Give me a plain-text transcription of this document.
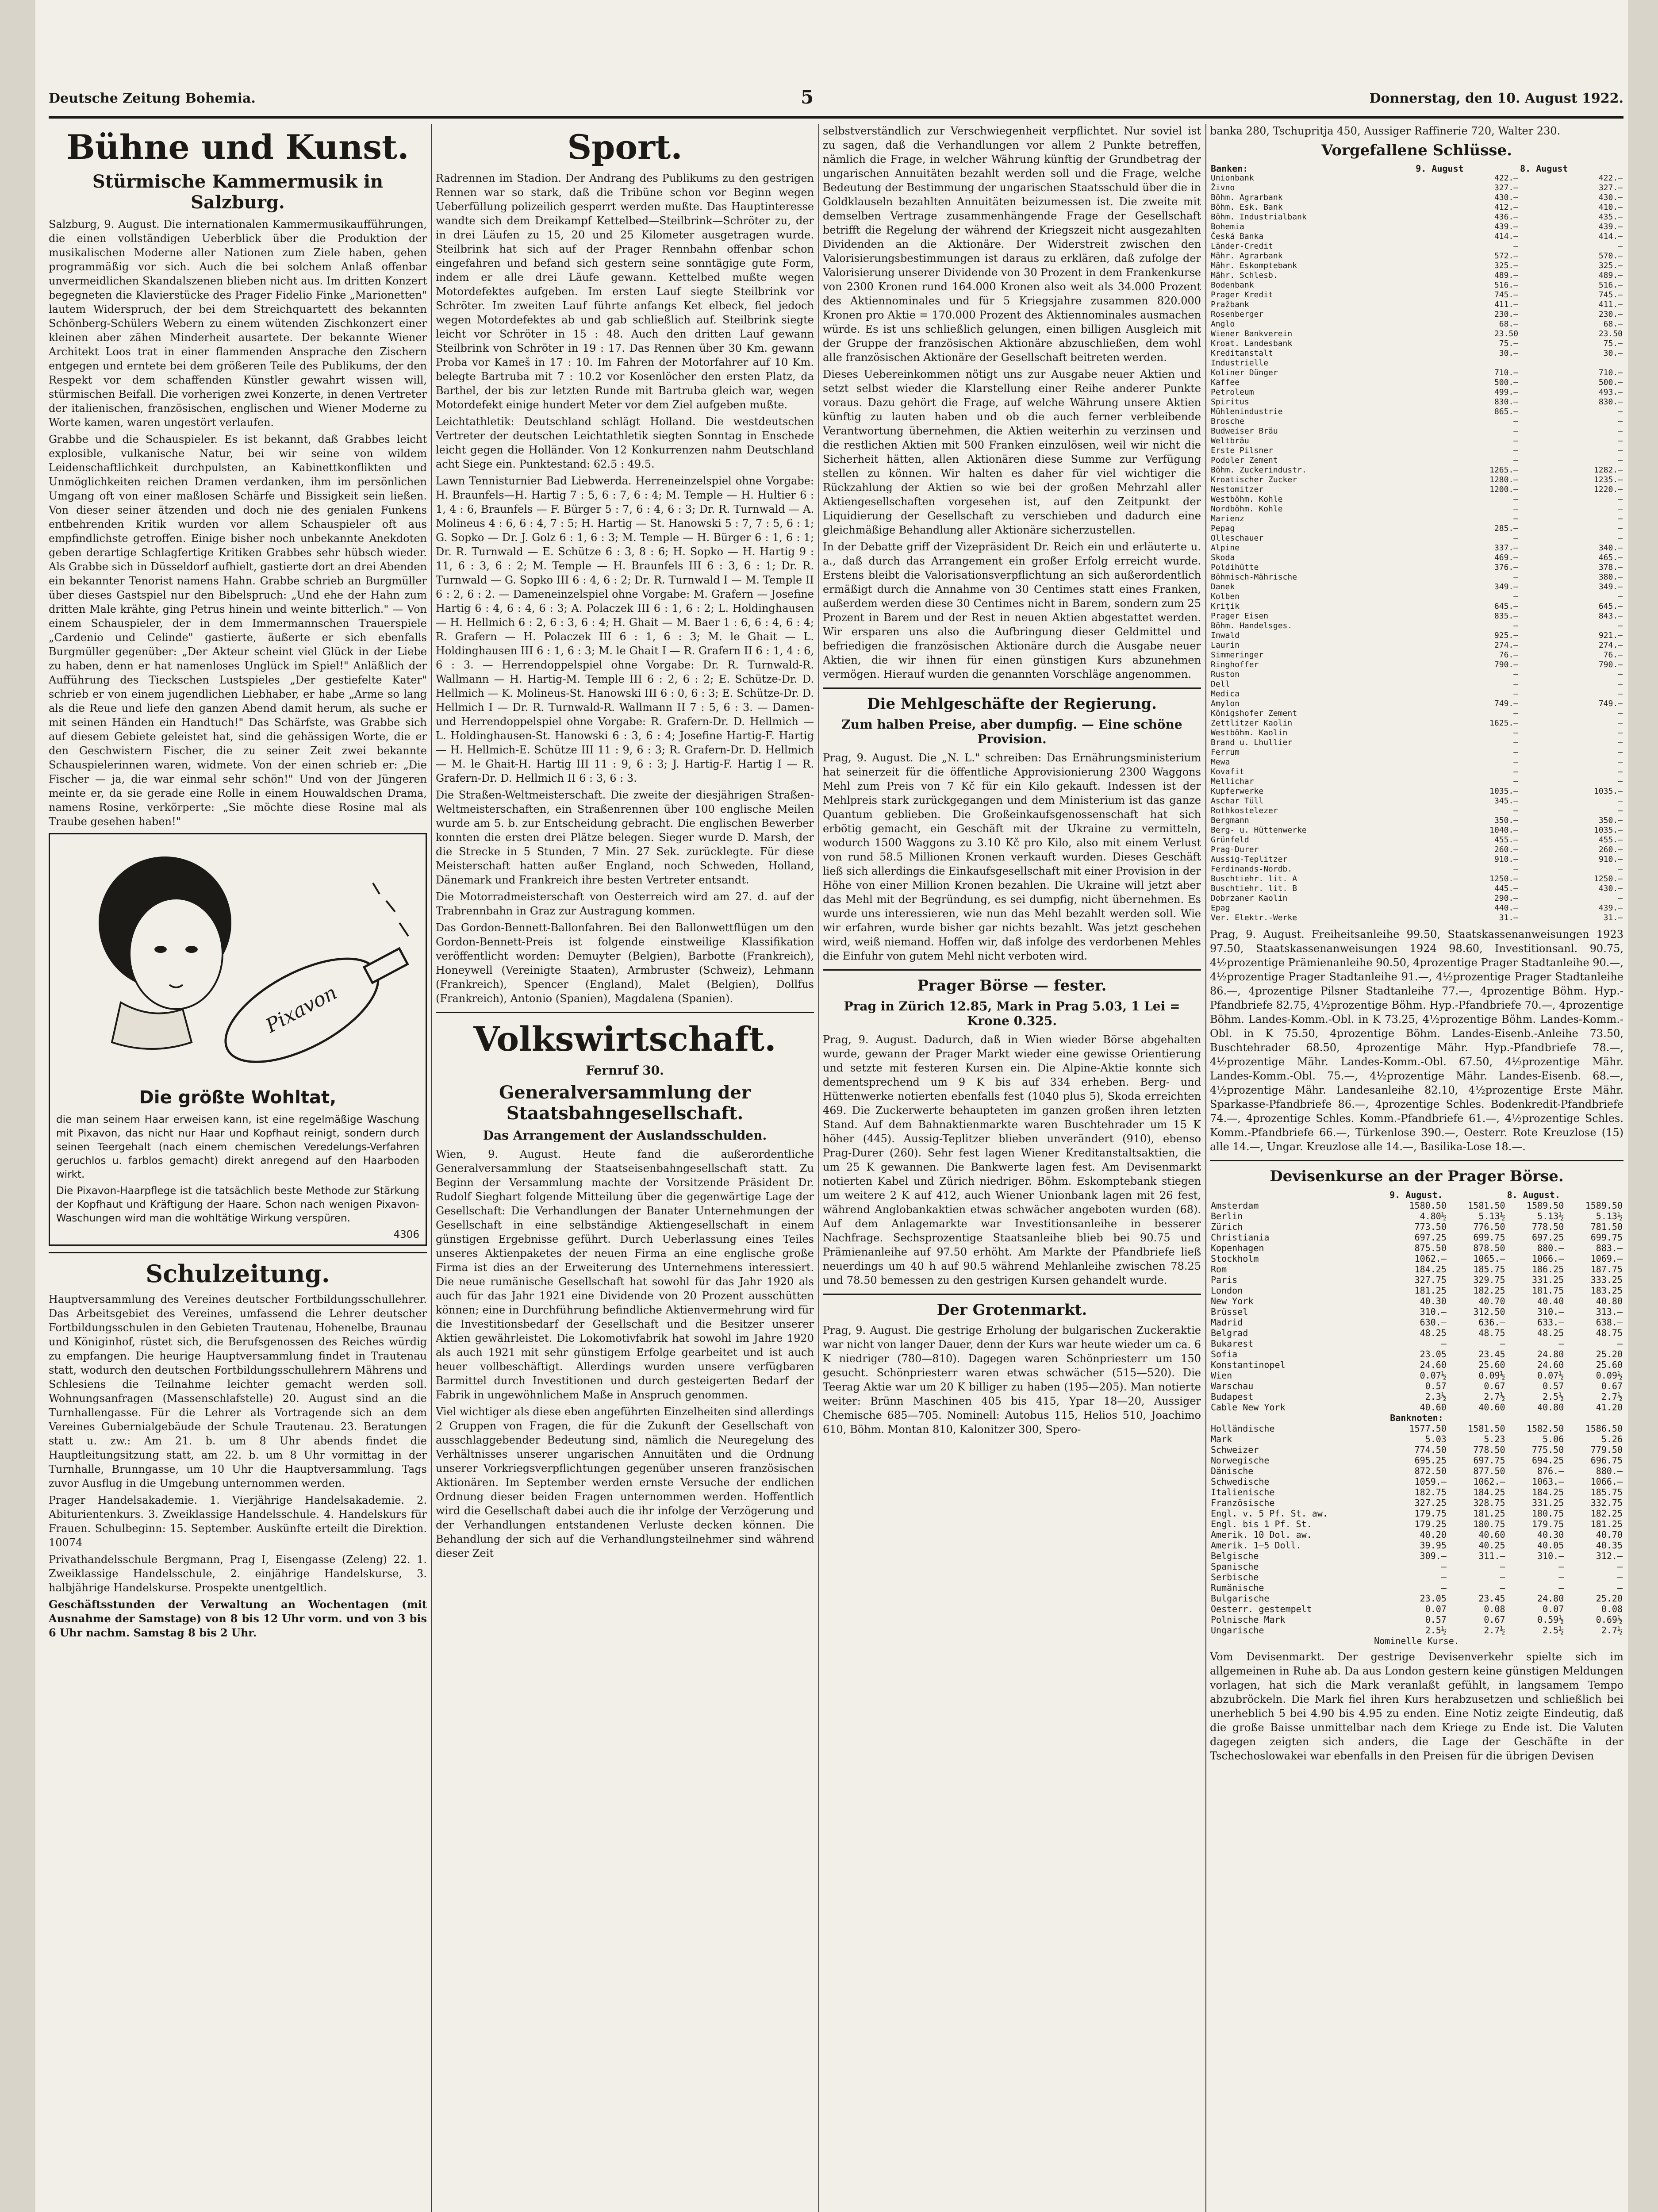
Deutsche Zeitung Bohemia.	5	Donnerstag, den 10. August 1922.
Bühne und Kunst.
Stürmische Kammermusik in Salzburg.

Salzburg, 9. August. Die internationalen Kammermusikaufführungen, die einen vollständigen Ueberblick über die Produktion der musikalischen Moderne aller Nationen zum Ziele haben, gehen programmäßig vor sich. Auch die bei solchem Anlaß offenbar unvermeidlichen Skandalszenen blieben nicht aus. Im dritten Konzert begegneten die Klavierstücke des Prager Fidelio Finke „Marionetten" lautem Widerspruch, der bei dem Streichquartett des bekannten Schönberg-Schülers Webern zu einem wütenden Zischkonzert einer kleinen aber zähen Minderheit ausartete. Der bekannte Wiener Architekt Loos trat in einer flammenden Ansprache den Zischern entgegen und erntete bei dem größeren Teile des Publikums, der den Respekt vor dem schaffenden Künstler gewahrt wissen will, stürmischen Beifall. Die vorherigen zwei Konzerte, in denen Vertreter der italienischen, französischen, englischen und Wiener Moderne zu Worte kamen, waren ungestört verlaufen.

Grabbe und die Schauspieler. Es ist bekannt, daß Grabbes leicht explosible, vulkanische Natur, bei wir seine von wildem Leidenschaftlichkeit durchpulsten, an Kabinettkonflikten und Unmöglichkeiten reichen Dramen verdanken, ihm im persönlichen Umgang oft von einer maßlosen Schärfe und Bissigkeit sein ließen. Von dieser seiner ätzenden und doch nie des genialen Funkens entbehrenden Kritik wurden vor allem Schauspieler oft aus empfindlichste getroffen. Einige bisher noch unbekannte Anekdoten geben derartige Schlagfertige Kritiken Grabbes sehr hübsch wieder. Als Grabbe sich in Düsseldorf aufhielt, gastierte dort an drei Abenden ein bekannter Tenorist namens Hahn. Grabbe schrieb an Burgmüller über dieses Gastspiel nur den Bibelspruch: „Und ehe der Hahn zum dritten Male krähte, ging Petrus hinein und weinte bitterlich." — Von einem Schauspieler, der in dem Immermannschen Trauerspiele „Cardenio und Celinde" gastierte, äußerte er sich ebenfalls Burgmüller gegenüber: „Der Akteur scheint viel Glück in der Liebe zu haben, denn er hat namenloses Unglück im Spiel!" Anläßlich der Aufführung des Tieckschen Lustspieles „Der gestiefelte Kater" schrieb er von einem jugendlichen Liebhaber, er habe „Arme so lang als die Reue und liefe den ganzen Abend damit herum, als suche er mit seinen Händen ein Handtuch!" Das Schärfste, was Grabbe sich auf diesem Gebiete geleistet hat, sind die gehässigen Worte, die er den Geschwistern Fischer, die zu seiner Zeit zwei bekannte Schauspielerinnen waren, widmete. Von der einen schrieb er: „Die Fischer — ja, die war einmal sehr schön!" Und von der Jüngeren meinte er, da sie gerade eine Rolle in einem Houwaldschen Drama, namens Rosine, verkörperte: „Sie möchte diese Rosine mal als Traube gesehen haben!"

Pixavon
Die größte Wohltat,

die man seinem Haar erweisen kann, ist eine regelmäßige Waschung mit Pixavon, das nicht nur Haar und Kopfhaut reinigt, sondern durch seinen Teergehalt (nach einem chemischen Veredelungs-Verfahren geruchlos u. farblos gemacht) direkt anregend auf den Haarboden wirkt.

Die Pixavon-Haarpflege ist die tatsächlich beste Methode zur Stärkung der Kopfhaut und Kräftigung der Haare. Schon nach wenigen Pixavon-Waschungen wird man die wohltätige Wirkung verspüren.

4306

Schulzeitung.

Hauptversammlung des Vereines deutscher Fortbildungsschullehrer. Das Arbeitsgebiet des Vereines, umfassend die Lehrer deutscher Fortbildungsschulen in den Gebieten Trautenau, Hohenelbe, Braunau und Königinhof, rüstet sich, die Berufsgenossen des Reiches würdig zu empfangen. Die heurige Hauptversammlung findet in Trautenau statt, wodurch den deutschen Fortbildungsschullehrern Mährens und Schlesiens die Teilnahme leichter gemacht werden soll. Wohnungsanfragen (Massenschlafstelle) 20. August sind an die Turnhallengasse. Für die Lehrer als Vortragende sich an dem Vereines Gubernialgebäude der Schule Trautenau. 23. Beratungen statt u. zw.: Am 21. b. um 8 Uhr abends findet die Hauptleitungsitzung statt, am 22. b. um 8 Uhr vormittag in der Turnhalle, Brunngasse, um 10 Uhr die Hauptversammlung. Tags zuvor Ausflug in die Umgebung unternommen werden.

Prager Handelsakademie. 1. Vierjährige Handelsakademie. 2. Abiturientenkurs. 3. Zweiklassige Handelsschule. 4. Handelskurs für Frauen. Schulbeginn: 15. September. Auskünfte erteilt die Direktion. 10074

Privathandelsschule Bergmann, Prag I, Eisengasse (Zeleng) 22. 1. Zweiklassige Handelsschule, 2. einjährige Handelskurse, 3. halbjährige Handelskurse. Prospekte unentgeltlich.

Geschäftsstunden der Verwaltung an Wochentagen (mit Ausnahme der Samstage) von 8 bis 12 Uhr vorm. und von 3 bis 6 Uhr nachm. Samstag 8 bis 2 Uhr.

Sport.

Radrennen im Stadion. Der Andrang des Publikums zu den gestrigen Rennen war so stark, daß die Tribüne schon vor Beginn wegen Ueberfüllung polizeilich gesperrt werden mußte. Das Hauptinteresse wandte sich dem Dreikampf Kettelbed—Steilbrink—Schröter zu, der in drei Läufen zu 15, 20 und 25 Kilometer ausgetragen wurde. Steilbrink hat sich auf der Prager Rennbahn offenbar schon eingefahren und befand sich gestern seine sonntägige gute Form, indem er alle drei Läufe gewann. Kettelbed mußte wegen Motordefektes aufgeben. Im ersten Lauf siegte Steilbrink vor Schröter. Im zweiten Lauf führte anfangs Ket elbeck, fiel jedoch wegen Motordefektes ab und gab schließlich auf. Steilbrink siegte leicht vor Schröter in 15 : 48. Auch den dritten Lauf gewann Steilbrink von Schröter in 19 : 17. Das Rennen über 30 Km. gewann Proba vor Kameš in 17 : 10. Im Fahren der Motorfahrer auf 10 Km. belegte Bartruba mit 7 : 10.2 vor Kosenlöcher den ersten Platz, da Barthel, der bis zur letzten Runde mit Bartruba gleich war, wegen Motordefekt einige hundert Meter vor dem Ziel aufgeben mußte.

Leichtathletik: Deutschland schlägt Holland. Die westdeutschen Vertreter der deutschen Leichtathletik siegten Sonntag in Enschede leicht gegen die Holländer. Von 12 Konkurrenzen nahm Deutschland acht Siege ein. Punktestand: 62.5 : 49.5.

Lawn Tennisturnier Bad Liebwerda. Herreneinzelspiel ohne Vorgabe: H. Braunfels—H. Hartig 7 : 5, 6 : 7, 6 : 4; M. Temple — H. Hultier 6 : 1, 4 : 6, Braunfels — F. Bürger 5 : 7, 6 : 4, 6 : 3; Dr. R. Turnwald — A. Molineus 4 : 6, 6 : 4, 7 : 5; H. Hartig — St. Hanowski 5 : 7, 7 : 5, 6 : 1; G. Sopko — Dr. J. Golz 6 : 1, 6 : 3; M. Temple — H. Bürger 6 : 1, 6 : 1; Dr. R. Turnwald — E. Schütze 6 : 3, 8 : 6; H. Sopko — H. Hartig 9 : 11, 6 : 3, 6 : 2; M. Temple — H. Braunfels III 6 : 3, 6 : 1; Dr. R. Turnwald — G. Sopko III 6 : 4, 6 : 2; Dr. R. Turnwald I — M. Temple II 6 : 2, 6 : 2. — Dameneinzelspiel ohne Vorgabe: M. Grafern — Josefine Hartig 6 : 4, 6 : 4, 6 : 3; A. Polaczek III 6 : 1, 6 : 2; L. Holdinghausen — H. Hellmich 6 : 2, 6 : 3, 6 : 4; H. Ghait — M. Baer 1 : 6, 6 : 4, 6 : 4; R. Grafern — H. Polaczek III 6 : 1, 6 : 3; M. le Ghait — L. Holdinghausen III 6 : 1, 6 : 3; M. le Ghait I — R. Grafern II 6 : 1, 4 : 6, 6 : 3. — Herrendoppelspiel ohne Vorgabe: Dr. R. Turnwald-R. Wallmann — H. Hartig-M. Temple III 6 : 2, 6 : 2; E. Schütze-Dr. D. Hellmich — K. Molineus-St. Hanowski III 6 : 0, 6 : 3; E. Schütze-Dr. D. Hellmich I — Dr. R. Turnwald-R. Wallmann II 7 : 5, 6 : 3. — Damen- und Herrendoppelspiel ohne Vorgabe: R. Grafern-Dr. D. Hellmich — L. Holdinghausen-St. Hanowski 6 : 3, 6 : 4; Josefine Hartig-F. Hartig — H. Hellmich-E. Schütze III 11 : 9, 6 : 3; R. Grafern-Dr. D. Hellmich — M. le Ghait-H. Hartig III 11 : 9, 6 : 3; J. Hartig-F. Hartig I — R. Grafern-Dr. D. Hellmich II 6 : 3, 6 : 3.

Die Straßen-Weltmeisterschaft. Die zweite der diesjährigen Straßen-Weltmeisterschaften, ein Straßenrennen über 100 englische Meilen wurde am 5. b. zur Entscheidung gebracht. Die englischen Bewerber konnten die ersten drei Plätze belegen. Sieger wurde D. Marsh, der die Strecke in 5 Stunden, 7 Min. 27 Sek. zurücklegte. Für diese Meisterschaft hatten außer England, noch Schweden, Holland, Dänemark und Frankreich ihre besten Vertreter entsandt.

Die Motorradmeisterschaft von Oesterreich wird am 27. d. auf der Trabrennbahn in Graz zur Austragung kommen.

Das Gordon-Bennett-Ballonfahren. Bei den Ballonwettflügen um den Gordon-Bennett-Preis ist folgende einstweilige Klassifikation veröffentlicht worden: Demuyter (Belgien), Barbotte (Frankreich), Honeywell (Vereinigte Staaten), Armbruster (Schweiz), Lehmann (Frankreich), Spencer (England), Malet (Belgien), Dollfus (Frankreich), Antonio (Spanien), Magdalena (Spanien).

Volkswirtschaft.
Fernruf 30.
Generalversammlung der Staatsbahngesellschaft.
Das Arrangement der Auslandsschulden.

Wien, 9. August. Heute fand die außerordentliche Generalversammlung der Staatseisenbahngesellschaft statt. Zu Beginn der Versammlung machte der Vorsitzende Präsident Dr. Rudolf Sieghart folgende Mitteilung über die gegenwärtige Lage der Gesellschaft: Die Verhandlungen der Banater Unternehmungen der Gesellschaft in eine selbständige Aktiengesellschaft in einem günstigen Ergebnisse geführt. Durch Ueberlassung eines Teiles unseres Aktienpaketes der neuen Firma an eine englische große Firma ist dies an der Erweiterung des Unternehmens interessiert. Die neue rumänische Gesellschaft hat sowohl für das Jahr 1920 als auch für das Jahr 1921 eine Dividende von 20 Prozent ausschütten können; eine in Durchführung befindliche Aktienvermehrung wird für die Investitionsbedarf der Gesellschaft und die Besitzer unserer Aktien gewährleistet. Die Lokomotivfabrik hat sowohl im Jahre 1920 als auch 1921 mit sehr günstigem Erfolge gearbeitet und ist auch heuer vollbeschäftigt. Allerdings wurden unsere verfügbaren Barmittel durch Investitionen und durch gesteigerten Bedarf der Fabrik in ungewöhnlichem Maße in Anspruch genommen.

Viel wichtiger als diese eben angeführten Einzelheiten sind allerdings 2 Gruppen von Fragen, die für die Zukunft der Gesellschaft von ausschlaggebender Bedeutung sind, nämlich die Neuregelung des Verhältnisses unserer ungarischen Annuitäten und die Ordnung unserer Vorkriegsverpflichtungen gegenüber unseren französischen Aktionären. Im September werden ernste Versuche der endlichen Ordnung dieser beiden Fragen unternommen werden. Hoffentlich wird die Gesellschaft dabei auch die ihr infolge der Verzögerung und der Verhandlungen entstandenen Verluste decken können. Die Behandlung der sich auf die Verhandlungsteilnehmer sind während dieser Zeit

selbstverständlich zur Verschwiegenheit verpflichtet. Nur soviel ist zu sagen, daß die Verhandlungen vor allem 2 Punkte betreffen, nämlich die Frage, in welcher Währung künftig der Grundbetrag der ungarischen Annuitäten bezahlt werden soll und die Frage, welche Bedeutung der Bestimmung der ungarischen Staatsschuld über die in Goldklauseln bezahlten Annuitäten beizumessen ist. Die zweite mit demselben Vertrage zusammenhängende Frage der Gesellschaft betrifft die Regelung der während der Kriegszeit nicht ausgezahlten Dividenden an die Aktionäre. Der Widerstreit zwischen den Valorisierungsbestimmungen ist daraus zu erklären, daß zufolge der Valorisierung unserer Dividende von 30 Prozent in dem Frankenkurse von 2300 Kronen rund 164.000 Kronen also weit als 34.000 Prozent des Aktiennominales und für 5 Kriegsjahre zusammen 820.000 Kronen pro Aktie = 170.000 Prozent des Aktiennominales ausmachen würde. Es ist uns schließlich gelungen, einen billigen Ausgleich mit der Gruppe der französischen Aktionäre abzuschließen, dem wohl alle französischen Aktionäre der Gesellschaft beitreten werden.

Dieses Uebereinkommen nötigt uns zur Ausgabe neuer Aktien und setzt selbst wieder die Klarstellung einer Reihe anderer Punkte voraus. Dazu gehört die Frage, auf welche Währung unsere Aktien künftig zu lauten haben und ob die auch ferner verbleibende Verantwortung übernehmen, die Aktien weiterhin zu verzinsen und die restlichen Aktien mit 500 Franken einzulösen, weil wir nicht die Sicherheit hätten, allen Aktionären diese Summe zur Verfügung stellen zu können. Wir halten es daher für viel wichtiger die Rückzahlung der Aktien so wie bei der großen Mehrzahl aller Aktiengesellschaften vorgesehen ist, auf den Zeitpunkt der Liquidierung der Gesellschaft zu verschieben und dadurch eine gleichmäßige Behandlung aller Aktionäre sicherzustellen.

In der Debatte griff der Vizepräsident Dr. Reich ein und erläuterte u. a., daß durch das Arrangement ein großer Erfolg erreicht wurde. Erstens bleibt die Valorisationsverpflichtung an sich außerordentlich ermäßigt durch die Annahme von 30 Centimes statt eines Franken, außerdem werden diese 30 Centimes nicht in Barem, sondern zum 25 Prozent in Barem und der Rest in neuen Aktien abgestattet werden. Wir ersparen uns also die Aufbringung dieser Geldmittel und befriedigen die französischen Aktionäre durch die Ausgabe neuer Aktien, die wir ihnen für einen günstigen Kurs abzunehmen vermögen. Hierauf wurden die genannten Vorschläge angenommen.

Die Mehlgeschäfte der Regierung.
Zum halben Preise, aber dumpfig. — Eine schöne Provision.

Prag, 9. August. Die „N. L." schreiben: Das Ernährungsministerium hat seinerzeit für die öffentliche Approvisionierung 2300 Waggons Mehl zum Preis von 7 Kč für ein Kilo gekauft. Indessen ist der Mehlpreis stark zurückgegangen und dem Ministerium ist das ganze Quantum geblieben. Die Großeinkaufsgenossenschaft hat sich erbötig gemacht, ein Geschäft mit der Ukraine zu vermitteln, wodurch 1500 Waggons zu 3.10 Kč pro Kilo, also mit einem Verlust von rund 58.5 Millionen Kronen verkauft wurden. Dieses Geschäft ließ sich allerdings die Einkaufsgesellschaft mit einer Provision in der Höhe von einer Million Kronen bezahlen. Die Ukraine will jetzt aber das Mehl mit der Begründung, es sei dumpfig, nicht übernehmen. Es wurde uns interessieren, wie nun das Mehl bezahlt werden soll. Wie wir erfahren, wurde bisher gar nichts bezahlt. Was jetzt geschehen wird, weiß niemand. Hoffen wir, daß infolge des verdorbenen Mehles die Einfuhr von gutem Mehl nicht verboten wird.

Prager Börse — fester.
Prag in Zürich 12.85, Mark in Prag 5.03, 1 Lei = Krone 0.325.

Prag, 9. August. Dadurch, daß in Wien wieder Börse abgehalten wurde, gewann der Prager Markt wieder eine gewisse Orientierung und setzte mit festeren Kursen ein. Die Alpine-Aktie konnte sich dementsprechend um 9 K bis auf 334 erheben. Berg- und Hüttenwerke notierten ebenfalls fest (1040 plus 5), Skoda erreichten 469. Die Zuckerwerte behaupteten im ganzen großen ihren letzten Stand. Auf dem Bahnaktienmarkte waren Buschtehrader um 15 K höher (445). Aussig-Teplitzer blieben unverändert (910), ebenso Prag-Durer (260). Sehr fest lagen Wiener Kreditanstaltsaktien, die um 25 K gewannen. Die Bankwerte lagen fest. Am Devisenmarkt notierten Kabel und Zürich niedriger. Böhm. Eskomptebank stiegen um weitere 2 K auf 412, auch Wiener Unionbank lagen mit 26 fest, während Anglobankaktien etwas schwächer angeboten wurden (68). Auf dem Anlagemarkte war Investitionsanleihe in besserer Nachfrage. Sechsprozentige Staatsanleihe blieb bei 90.75 und Prämienanleihe auf 97.50 erhöht. Am Markte der Pfandbriefe ließ neuerdings um 40 h auf 90.5 während Mehlanleihe zwischen 78.25 und 78.50 bemessen zu den gestrigen Kursen gehandelt wurde.

Der Grotenmarkt.

Prag, 9. August. Die gestrige Erholung der bulgarischen Zuckeraktie war nicht von langer Dauer, denn der Kurs war heute wieder um ca. 6 K niedriger (780—810). Dagegen waren Schönpriesterr um 150 gesucht. Schönpriesterr waren etwas schwächer (515—520). Die Teerag Aktie war um 20 K billiger zu haben (195—205). Man notierte weiter: Brünn Maschinen 405 bis 415, Ypar 18—20, Aussiger Chemische 685—705. Nominell: Autobus 115, Helios 510, Joachimo 610, Böhm. Montan 810, Kalonitzer 300, Spero-

banka 280, Tschupritja 450, Aussiger Raffinerie 720, Walter 230.

Vorgefallene Schlüsse.
Banken:	9. August	8. August
Unionbank	422.—	422.—
Živno	327.—	327.—
Böhm. Agrarbank	430.—	430.—
Böhm. Esk. Bank	412.—	410.—
Böhm. Industrialbank	436.—	435.—
Bohemia	439.—	439.—
Česká Banka	414.—	414.—
Länder-Credit	—	—
Mähr. Agrarbank	572.—	570.—
Mähr. Eskomptebank	325.—	325.—
Mähr. Schlesb.	489.—	489.—
Bodenbank	516.—	516.—
Prager Kredit	745.—	745.—
Pražbank	411.—	411.—
Rosenberger	230.—	230.—
Anglo	68.—	68.—
Wiener Bankverein	23.50	23.50
Kroat. Landesbank	75.—	75.—
Kreditanstalt	30.—	30.—
Industrielle		
Koliner Dünger	710.—	710.—
Kaffee	500.—	500.—
Petroleum	499.—	493.—
Spiritus	830.—	830.—
Mühlenindustrie	865.—	—
Brosche	—	—
Budweiser Bräu	—	—
Weltbräu	—	—
Erste Pilsner	—	—
Podoler Zement	—	—
Böhm. Zuckerindustr.	1265.—	1282.—
Kroatischer Zucker	1280.—	1235.—
Nestomitzer	1200.—	1220.—
Westböhm. Kohle	—	—
Nordböhm. Kohle	—	—
Marienz	—	—
Pepag	285.—	—
Olleschauer	—	—
Alpine	337.—	340.—
Skoda	469.—	465.—
Poldihütte	376.—	378.—
Böhmisch-Mährische	—	380.—
Danek	349.—	349.—
Kolben	—	—
Kriţik	645.—	645.—
Prager Eisen	835.—	843.—
Böhm. Handelsges.	—	—
Inwald	925.—	921.—
Laurin	274.—	274.—
Simmeringer	76.—	76.—
Ringhoffer	790.—	790.—
Ruston	—	—
Dell	—	—
Medica	—	—
Amylon	749.—	749.—
Königshofer Zement	—	—
Zettlitzer Kaolin	1625.—	—
Westböhm. Kaolin	—	—
Brand u. Lhullier	—	—
Ferrum	—	—
Mewa	—	—
Kovafit	—	—
Mellichar	—	—
Kupferwerke	1035.—	1035.—
Aschar Tüll	345.—	—
Rothkostelezer	—	—
Bergmann	350.—	350.—
Berg- u. Hüttenwerke	1040.—	1035.—
Grünfeld	455.—	455.—
Prag-Durer	260.—	260.—
Aussig-Teplitzer	910.—	910.—
Ferdinands-Nordb.	—	—
Buschtiehr. lit. A	1250.—	1250.—
Buschtiehr. lit. B	445.—	430.—
Dobrzaner Kaolin	290.—	—
Epag	440.—	439.—
Ver. Elektr.-Werke	31.—	31.—

Prag, 9. August. Freiheitsanleihe 99.50, Staatskassenanweisungen 1923 97.50, Staatskassenanweisungen 1924 98.60, Investitionsanl. 90.75, 4½prozentige Prämienanleihe 90.50, 4prozentige Prager Stadtanleihe 90.—, 4½prozentige Prager Stadtanleihe 91.—, 4½prozentige Prager Stadtanleihe 86.—, 4prozentige Pilsner Stadtanleihe 77.—, 4prozentige Böhm. Hyp.-Pfandbriefe 82.75, 4½prozentige Böhm. Hyp.-Pfandbriefe 70.—, 4prozentige Böhm. Landes-Komm.-Obl. in K 73.25, 4½prozentige Böhm. Landes-Komm.-Obl. in K 75.50, 4prozentige Böhm. Landes-Eisenb.-Anleihe 73.50, Buschtehrader 68.50, 4prozentige Mähr. Hyp.-Pfandbriefe 78.—, 4½prozentige Mähr. Landes-Komm.-Obl. 67.50, 4½prozentige Mähr. Landes-Komm.-Obl. 75.—, 4½prozentige Mähr. Landes-Eisenb. 68.—, 4½prozentige Mähr. Landesanleihe 82.10, 4½prozentige Erste Mähr. Sparkasse-Pfandbriefe 86.—, 4prozentige Schles. Bodenkredit-Pfandbriefe 74.—, 4prozentige Schles. Komm.-Pfandbriefe 61.—, 4½prozentige Schles. Komm.-Pfandbriefe 66.—, Türkenlose 390.—, Oesterr. Rote Kreuzlose (15) alle 14.—, Ungar. Kreuzlose alle 14.—, Basilika-Lose 18.—.

Devisenkurse an der Prager Börse.
	9. August.		8. August.	
Amsterdam	1580.50	1581.50	1589.50	1589.50
Berlin	4.80½	5.13½	5.13½	5.13½
Zürich	773.50	776.50	778.50	781.50
Christiania	697.25	699.75	697.25	699.75
Kopenhagen	875.50	878.50	880.—	883.—
Stockholm	1062.—	1065.—	1066.—	1069.—
Rom	184.25	185.75	186.25	187.75
Paris	327.75	329.75	331.25	333.25
London	181.25	182.25	181.75	183.25
New York	40.30	40.70	40.40	40.80
Brüssel	310.—	312.50	310.—	313.—
Madrid	630.—	636.—	633.—	638.—
Belgrad	48.25	48.75	48.25	48.75
Bukarest	—	—	—	—
Sofia	23.05	23.45	24.80	25.20
Konstantinopel	24.60	25.60	24.60	25.60
Wien	0.07½	0.09½	0.07½	0.09½
Warschau	0.57	0.67	0.57	0.67
Budapest	2.3½	2.7½	2.5½	2.7½
Cable New York	40.60	40.60	40.80	41.20
Banknoten:				
Holländische	1577.50	1581.50	1582.50	1586.50
Mark	5.03	5.23	5.06	5.26
Schweizer	774.50	778.50	775.50	779.50
Norwegische	695.25	697.75	694.25	696.75
Dänische	872.50	877.50	876.—	880.—
Schwedische	1059.—	1062.—	1063.—	1066.—
Italienische	182.75	184.25	184.25	185.75
Französische	327.25	328.75	331.25	332.75
Engl. v. 5 Pf. St. aw.	179.75	181.25	180.75	182.25
Engl. bis 1 Pf. St.	179.25	180.75	179.75	181.25
Amerik. 10 Dol. aw.	40.20	40.60	40.30	40.70
Amerik. 1—5 Doll.	39.95	40.25	40.05	40.35
Belgische	309.—	311.—	310.—	312.—
Spanische	—	—	—	—
Serbische	—	—	—	—
Rumänische	—	—	—	—
Bulgarische	23.05	23.45	24.80	25.20
Oesterr. gestempelt	0.07	0.08	0.07	0.08
Polnische Mark	0.57	0.67	0.59½	0.69½
Ungarische	2.5½	2.7½	2.5½	2.7½
Nominelle Kurse.				

Vom Devisenmarkt. Der gestrige Devisenverkehr spielte sich im allgemeinen in Ruhe ab. Da aus London gestern keine günstigen Meldungen vorlagen, hat sich die Mark veranlaßt gefühlt, in langsamem Tempo abzubröckeln. Die Mark fiel ihren Kurs herabzusetzen und schließlich bei unerheblich 5 bei 4.90 bis 4.95 zu enden. Eine Notiz zeigte Eindeutig, daß die große Baisse unmittelbar nach dem Kriege zu Ende ist. Die Valuten dagegen zeigten sich anders, die Lage der Geschäfte in der Tschechoslowakei war ebenfalls in den Preisen für die übrigen Devisen
